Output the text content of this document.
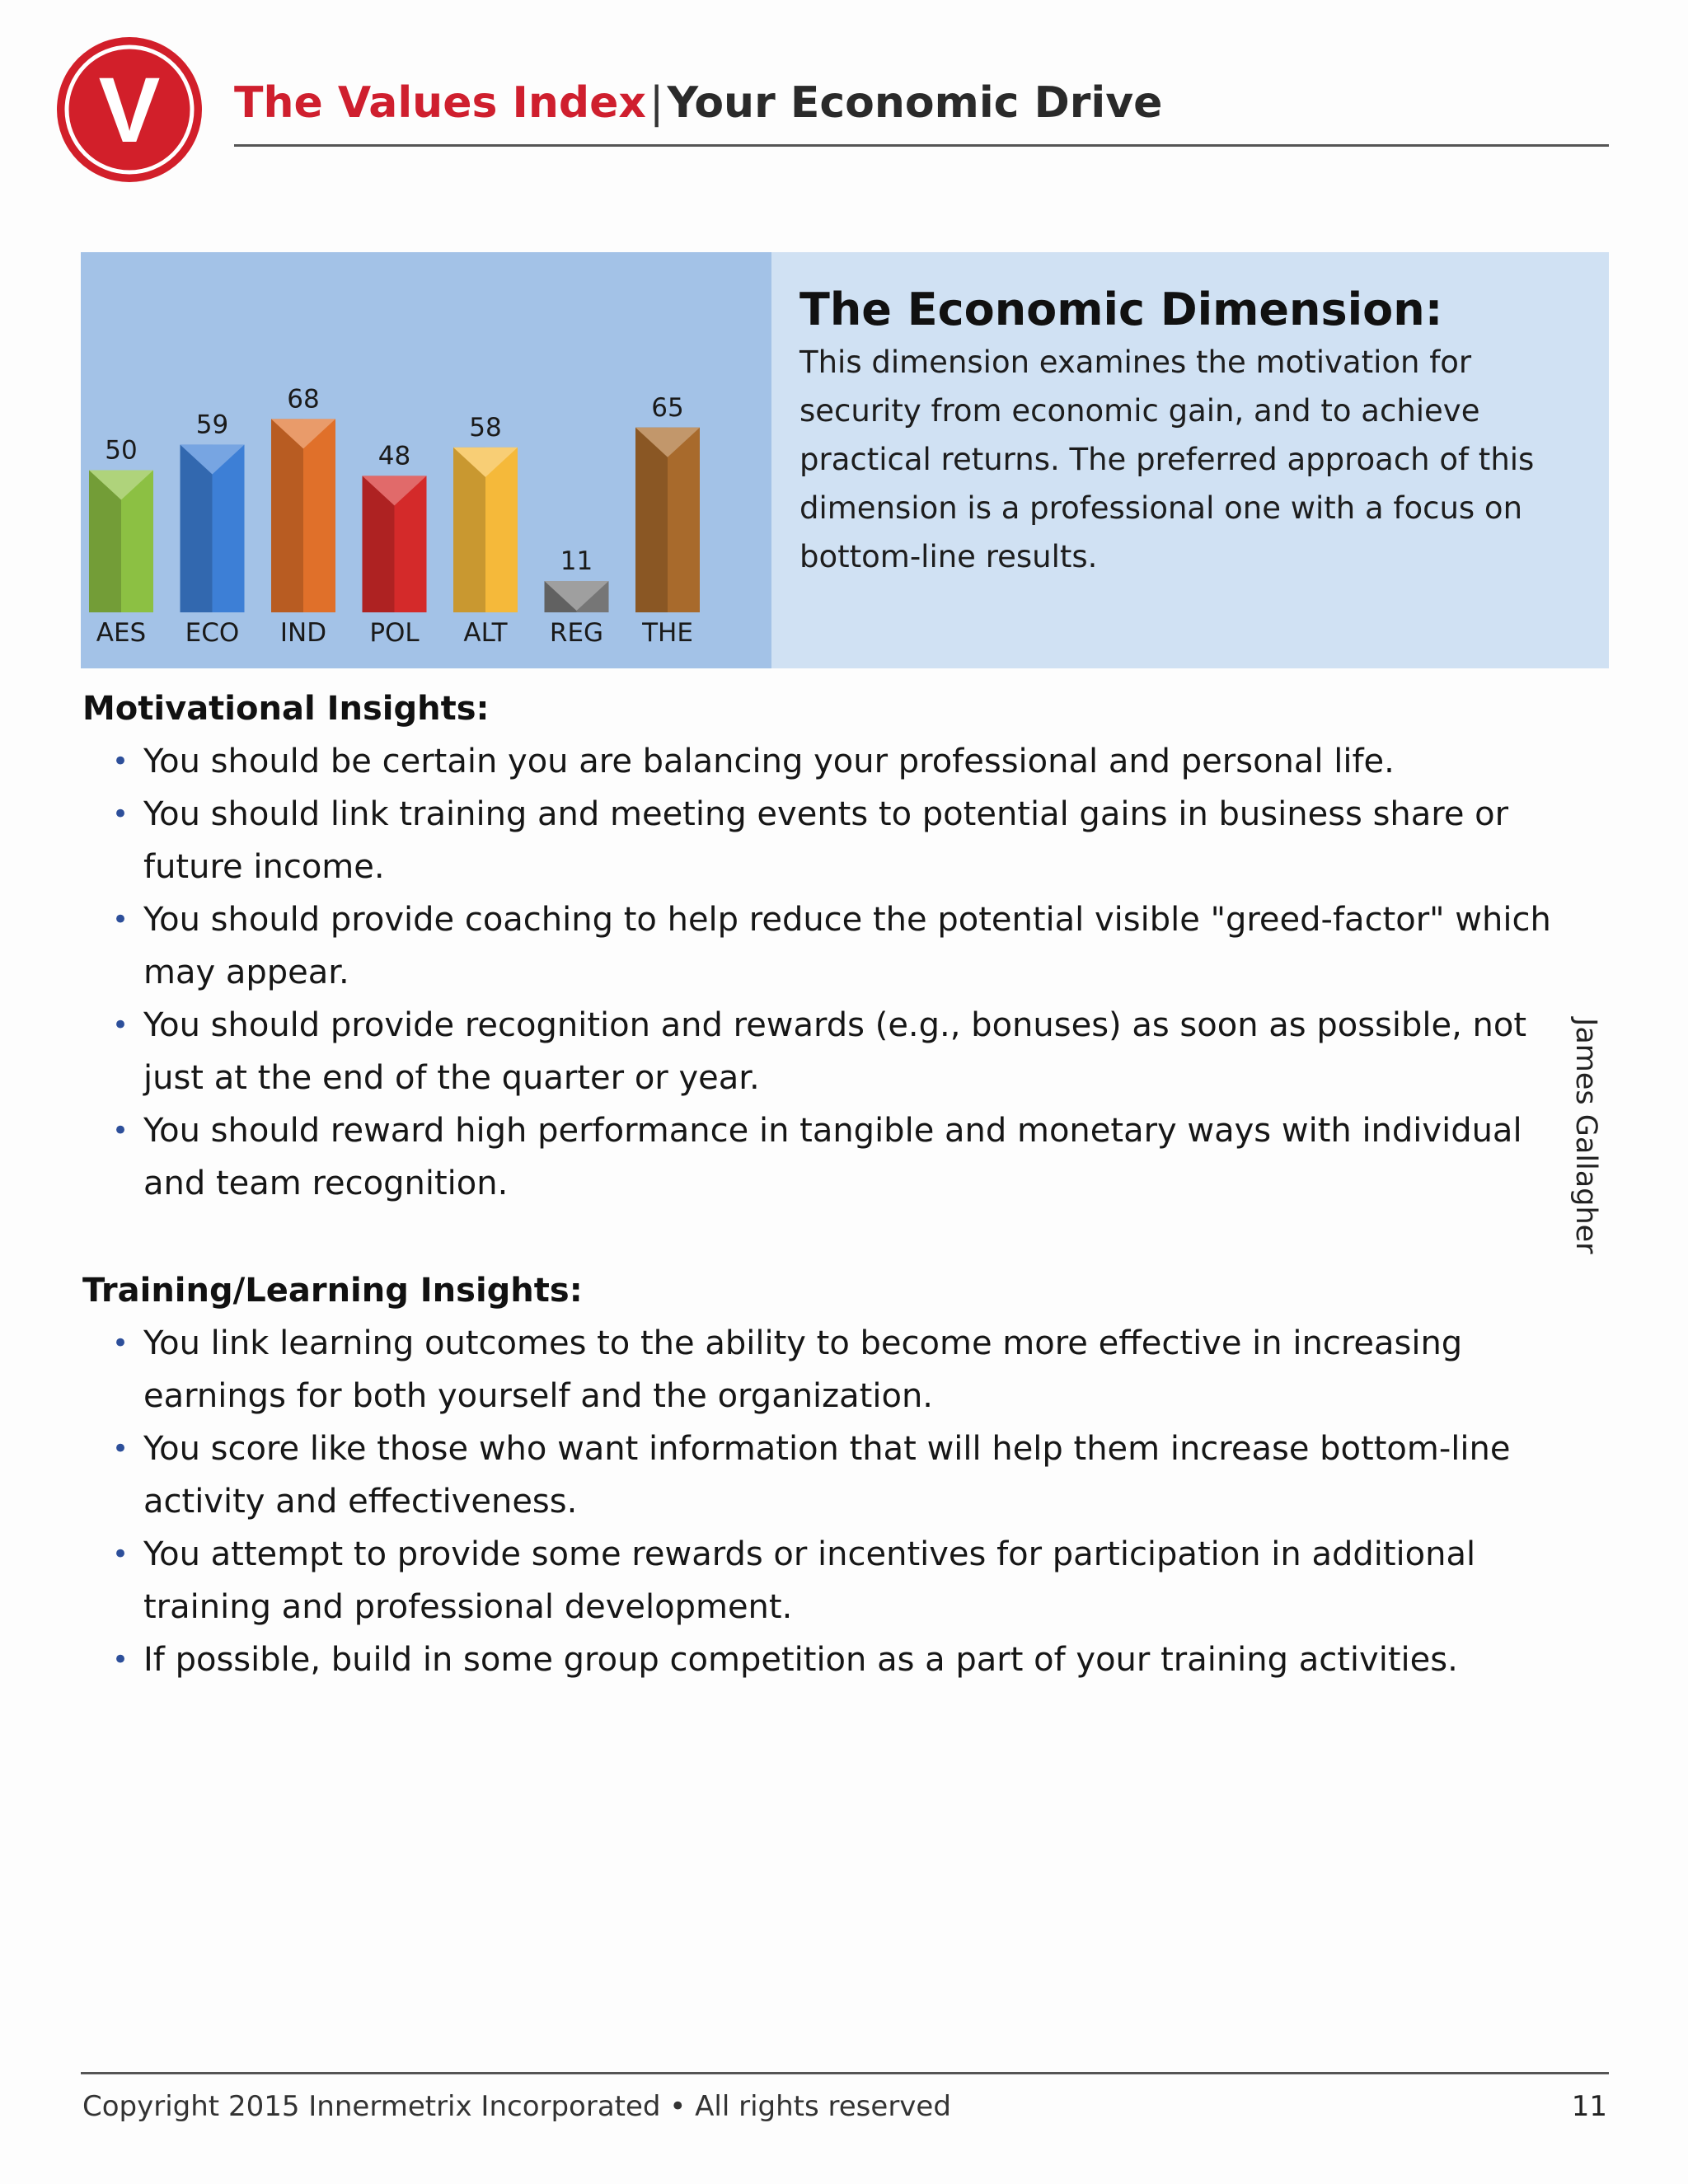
V The Values Index|Your Economic Drive
50
AES
59
ECO
68
IND
48
POL
58
ALT
11
REG
65
THE
The Economic Dimension:
This dimension examines the motivation for security from economic gain, and to achieve practical returns. The preferred approach of this dimension is a professional one with a focus on bottom-line results.
Motivational Insights:
• You should be certain you are balancing your professional and personal life.
• You should link training and meeting events to potential gains in business share or future income.
• You should provide coaching to help reduce the potential visible "greed-factor" which may appear.
• You should provide recognition and rewards (e.g., bonuses) as soon as possible, not just at the end of the quarter or year.
• You should reward high performance in tangible and monetary ways with individual and team recognition.
Training/Learning Insights:
• You link learning outcomes to the ability to become more effective in increasing earnings for both yourself and the organization.
• You score like those who want information that will help them increase bottom-line activity and effectiveness.
• You attempt to provide some rewards or incentives for participation in additional training and professional development.
• If possible, build in some group competition as a part of your training activities.
James Gallagher
Copyright 2015 Innermetrix Incorporated • All rights reserved	11
